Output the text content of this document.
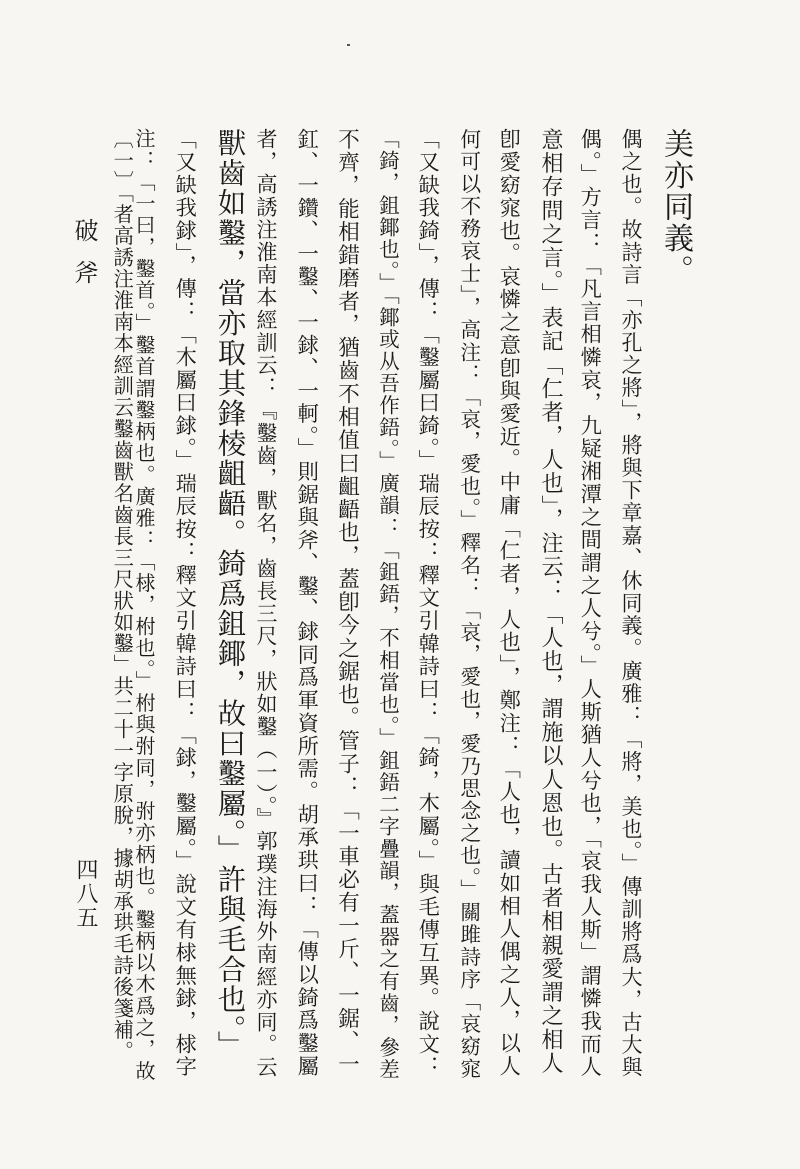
美亦同義。
偶之也。故詩言「亦孔之將」，將與下章嘉、休同義。廣雅：「將，美也。」傳訓將爲大，古大與
偶。」方言：「凡言相憐哀，九疑湘潭之間謂之人兮。」人斯猶人兮也，「哀我人斯」謂憐我而人
意相存問之言。」表記「仁者，人也」，注云：「人也，謂施以人恩也。古者相親愛謂之相人
卽愛窈窕也。哀憐之意卽與愛近。中庸「仁者，人也」，鄭注：「人也，讀如相人偶之人，以人
何可以不務哀士」，高注：「哀，愛也。」釋名：「哀，愛也，愛乃思念之也。」關雎詩序「哀窈窕
「又缺我錡」，傳：「鑿屬曰錡。」瑞辰按：釋文引韓詩曰：「錡，木屬。」與毛傳互異。說文：
「錡，鉏鎁也。」「鎁或从吾作鋙。」廣韻：「鉏鋙，不相當也。」鉏鋙二字疊韻，蓋器之有齒，參差
不齊，能相錯磨者，猶齒不相值曰齟齬也，蓋卽今之鋸也。管子：「一車必有一斤、一鋸、一
釭、一鑽、一鑿、一銶、一軻。」則鋸與斧、鑿、銶同爲軍資所需。胡承珙曰：「傳以錡爲鑿屬
者，高誘注淮南本經訓云：『鑿齒，獸名，齒長三尺，狀如鑿（一）。』郭璞注海外南經亦同。云
獸齒如鑿，當亦取其鋒棱齟齬。錡爲鉏鎁，故曰鑿屬。」許與毛合也。」
「又缺我銶」，傳：「木屬曰銶。」瑞辰按：釋文引韓詩曰：「銶，鑿屬。」說文有梂無銶，梂字
注：「一曰，鑿首。」鑿首謂鑿柄也。廣雅：「梂，柎也。」柎與弣同，弣亦柄也。鑿柄以木爲之，故
〔一〕「者高誘注淮南本經訓云鑿齒獸名齒長三尺狀如鑿」共二十一字原脫，據胡承珙毛詩後箋補。
破斧
四八五
